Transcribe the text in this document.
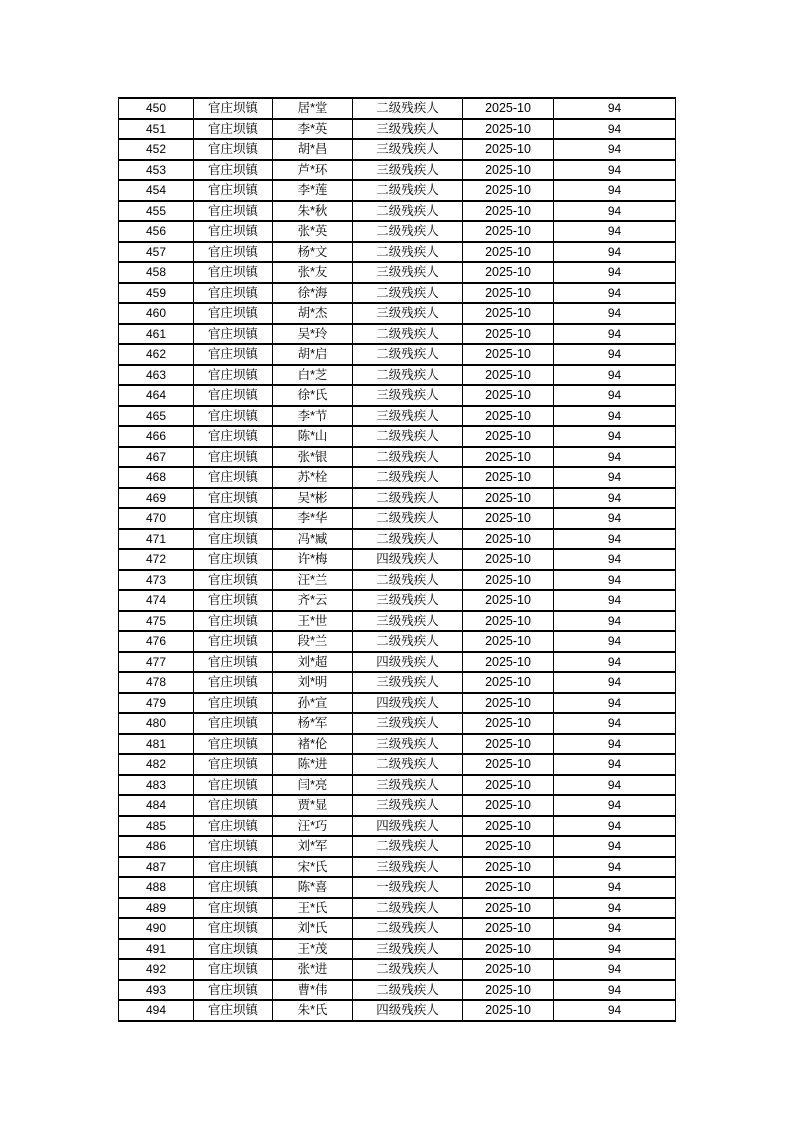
450	官庄坝镇	居*堂	二级残疾人	2025-10	94
451	官庄坝镇	李*英	三级残疾人	2025-10	94
452	官庄坝镇	胡*昌	三级残疾人	2025-10	94
453	官庄坝镇	芦*环	三级残疾人	2025-10	94
454	官庄坝镇	李*莲	二级残疾人	2025-10	94
455	官庄坝镇	朱*秋	二级残疾人	2025-10	94
456	官庄坝镇	张*英	二级残疾人	2025-10	94
457	官庄坝镇	杨*文	二级残疾人	2025-10	94
458	官庄坝镇	张*友	三级残疾人	2025-10	94
459	官庄坝镇	徐*海	二级残疾人	2025-10	94
460	官庄坝镇	胡*杰	三级残疾人	2025-10	94
461	官庄坝镇	吴*玲	二级残疾人	2025-10	94
462	官庄坝镇	胡*启	二级残疾人	2025-10	94
463	官庄坝镇	白*芝	二级残疾人	2025-10	94
464	官庄坝镇	徐*氏	三级残疾人	2025-10	94
465	官庄坝镇	李*节	三级残疾人	2025-10	94
466	官庄坝镇	陈*山	二级残疾人	2025-10	94
467	官庄坝镇	张*银	二级残疾人	2025-10	94
468	官庄坝镇	苏*栓	二级残疾人	2025-10	94
469	官庄坝镇	吴*彬	二级残疾人	2025-10	94
470	官庄坝镇	李*华	二级残疾人	2025-10	94
471	官庄坝镇	冯*臧	二级残疾人	2025-10	94
472	官庄坝镇	许*梅	四级残疾人	2025-10	94
473	官庄坝镇	汪*兰	二级残疾人	2025-10	94
474	官庄坝镇	齐*云	三级残疾人	2025-10	94
475	官庄坝镇	王*世	三级残疾人	2025-10	94
476	官庄坝镇	段*兰	二级残疾人	2025-10	94
477	官庄坝镇	刘*超	四级残疾人	2025-10	94
478	官庄坝镇	刘*明	三级残疾人	2025-10	94
479	官庄坝镇	孙*宣	四级残疾人	2025-10	94
480	官庄坝镇	杨*军	三级残疾人	2025-10	94
481	官庄坝镇	褚*伦	三级残疾人	2025-10	94
482	官庄坝镇	陈*进	二级残疾人	2025-10	94
483	官庄坝镇	闫*亮	三级残疾人	2025-10	94
484	官庄坝镇	贾*显	三级残疾人	2025-10	94
485	官庄坝镇	汪*巧	四级残疾人	2025-10	94
486	官庄坝镇	刘*军	二级残疾人	2025-10	94
487	官庄坝镇	宋*氏	三级残疾人	2025-10	94
488	官庄坝镇	陈*喜	一级残疾人	2025-10	94
489	官庄坝镇	王*氏	二级残疾人	2025-10	94
490	官庄坝镇	刘*氏	二级残疾人	2025-10	94
491	官庄坝镇	王*茂	三级残疾人	2025-10	94
492	官庄坝镇	张*进	二级残疾人	2025-10	94
493	官庄坝镇	曹*伟	二级残疾人	2025-10	94
494	官庄坝镇	朱*氏	四级残疾人	2025-10	94
